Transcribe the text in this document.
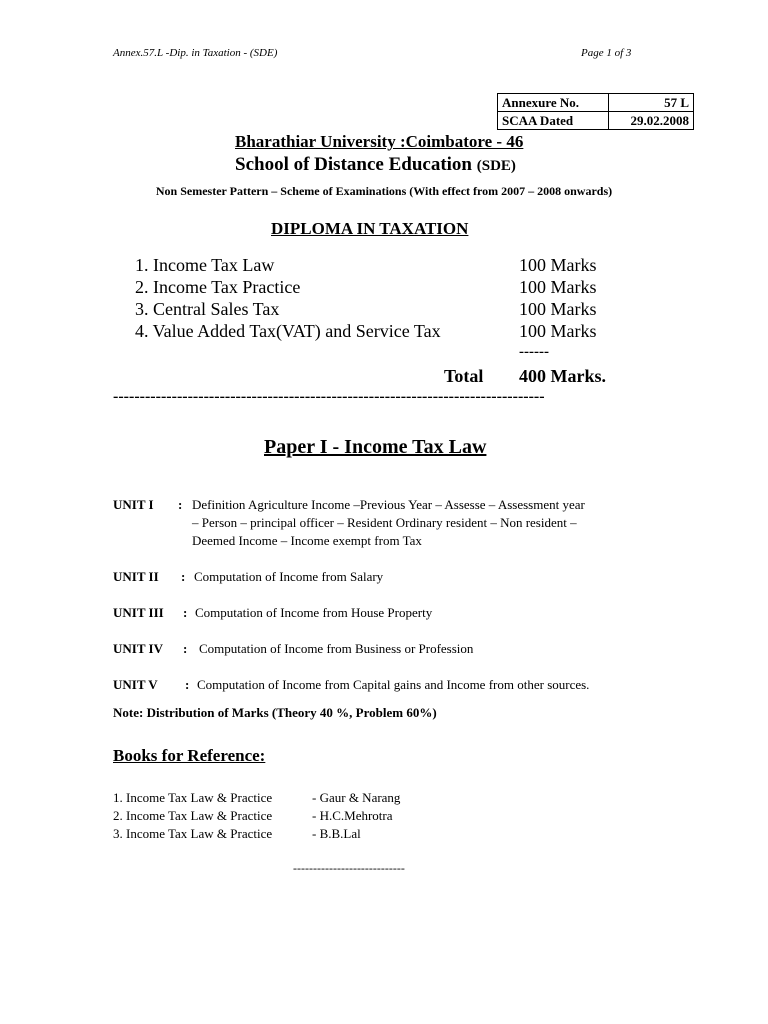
Annex.57.L -Dip. in Taxation - (SDE)	Page 1 of 3
Annexure No.	57 L
SCAA Dated	29.02.2008
Bharathiar University :Coimbatore - 46
School of Distance Education (SDE)
Non Semester Pattern – Scheme of Examinations (With effect from 2007 – 2008 onwards)
DIPLOMA IN TAXATION
1. Income Tax Law	100 Marks
2. Income Tax Practice	100 Marks
3. Central Sales Tax	100 Marks
4. Value Added Tax(VAT) and Service Tax	100 Marks
------
Total 400 Marks.
---------------------------------------------------------------------------------
Paper I - Income Tax Law
UNIT I : Definition Agriculture Income –Previous Year – Assesse – Assessment year
– Person – principal officer – Resident Ordinary resident – Non resident –
Deemed Income – Income exempt from Tax
UNIT II : Computation of Income from Salary
UNIT III : Computation of Income from House Property
UNIT IV : Computation of Income from Business or Profession
UNIT V : Computation of Income from Capital gains and Income from other sources.
Note: Distribution of Marks (Theory 40 %, Problem 60%)
Books for Reference:
1. Income Tax Law & Practice	- Gaur & Narang
2. Income Tax Law & Practice	- H.C.Mehrotra
3. Income Tax Law & Practice	- B.B.Lal
----------------------------
